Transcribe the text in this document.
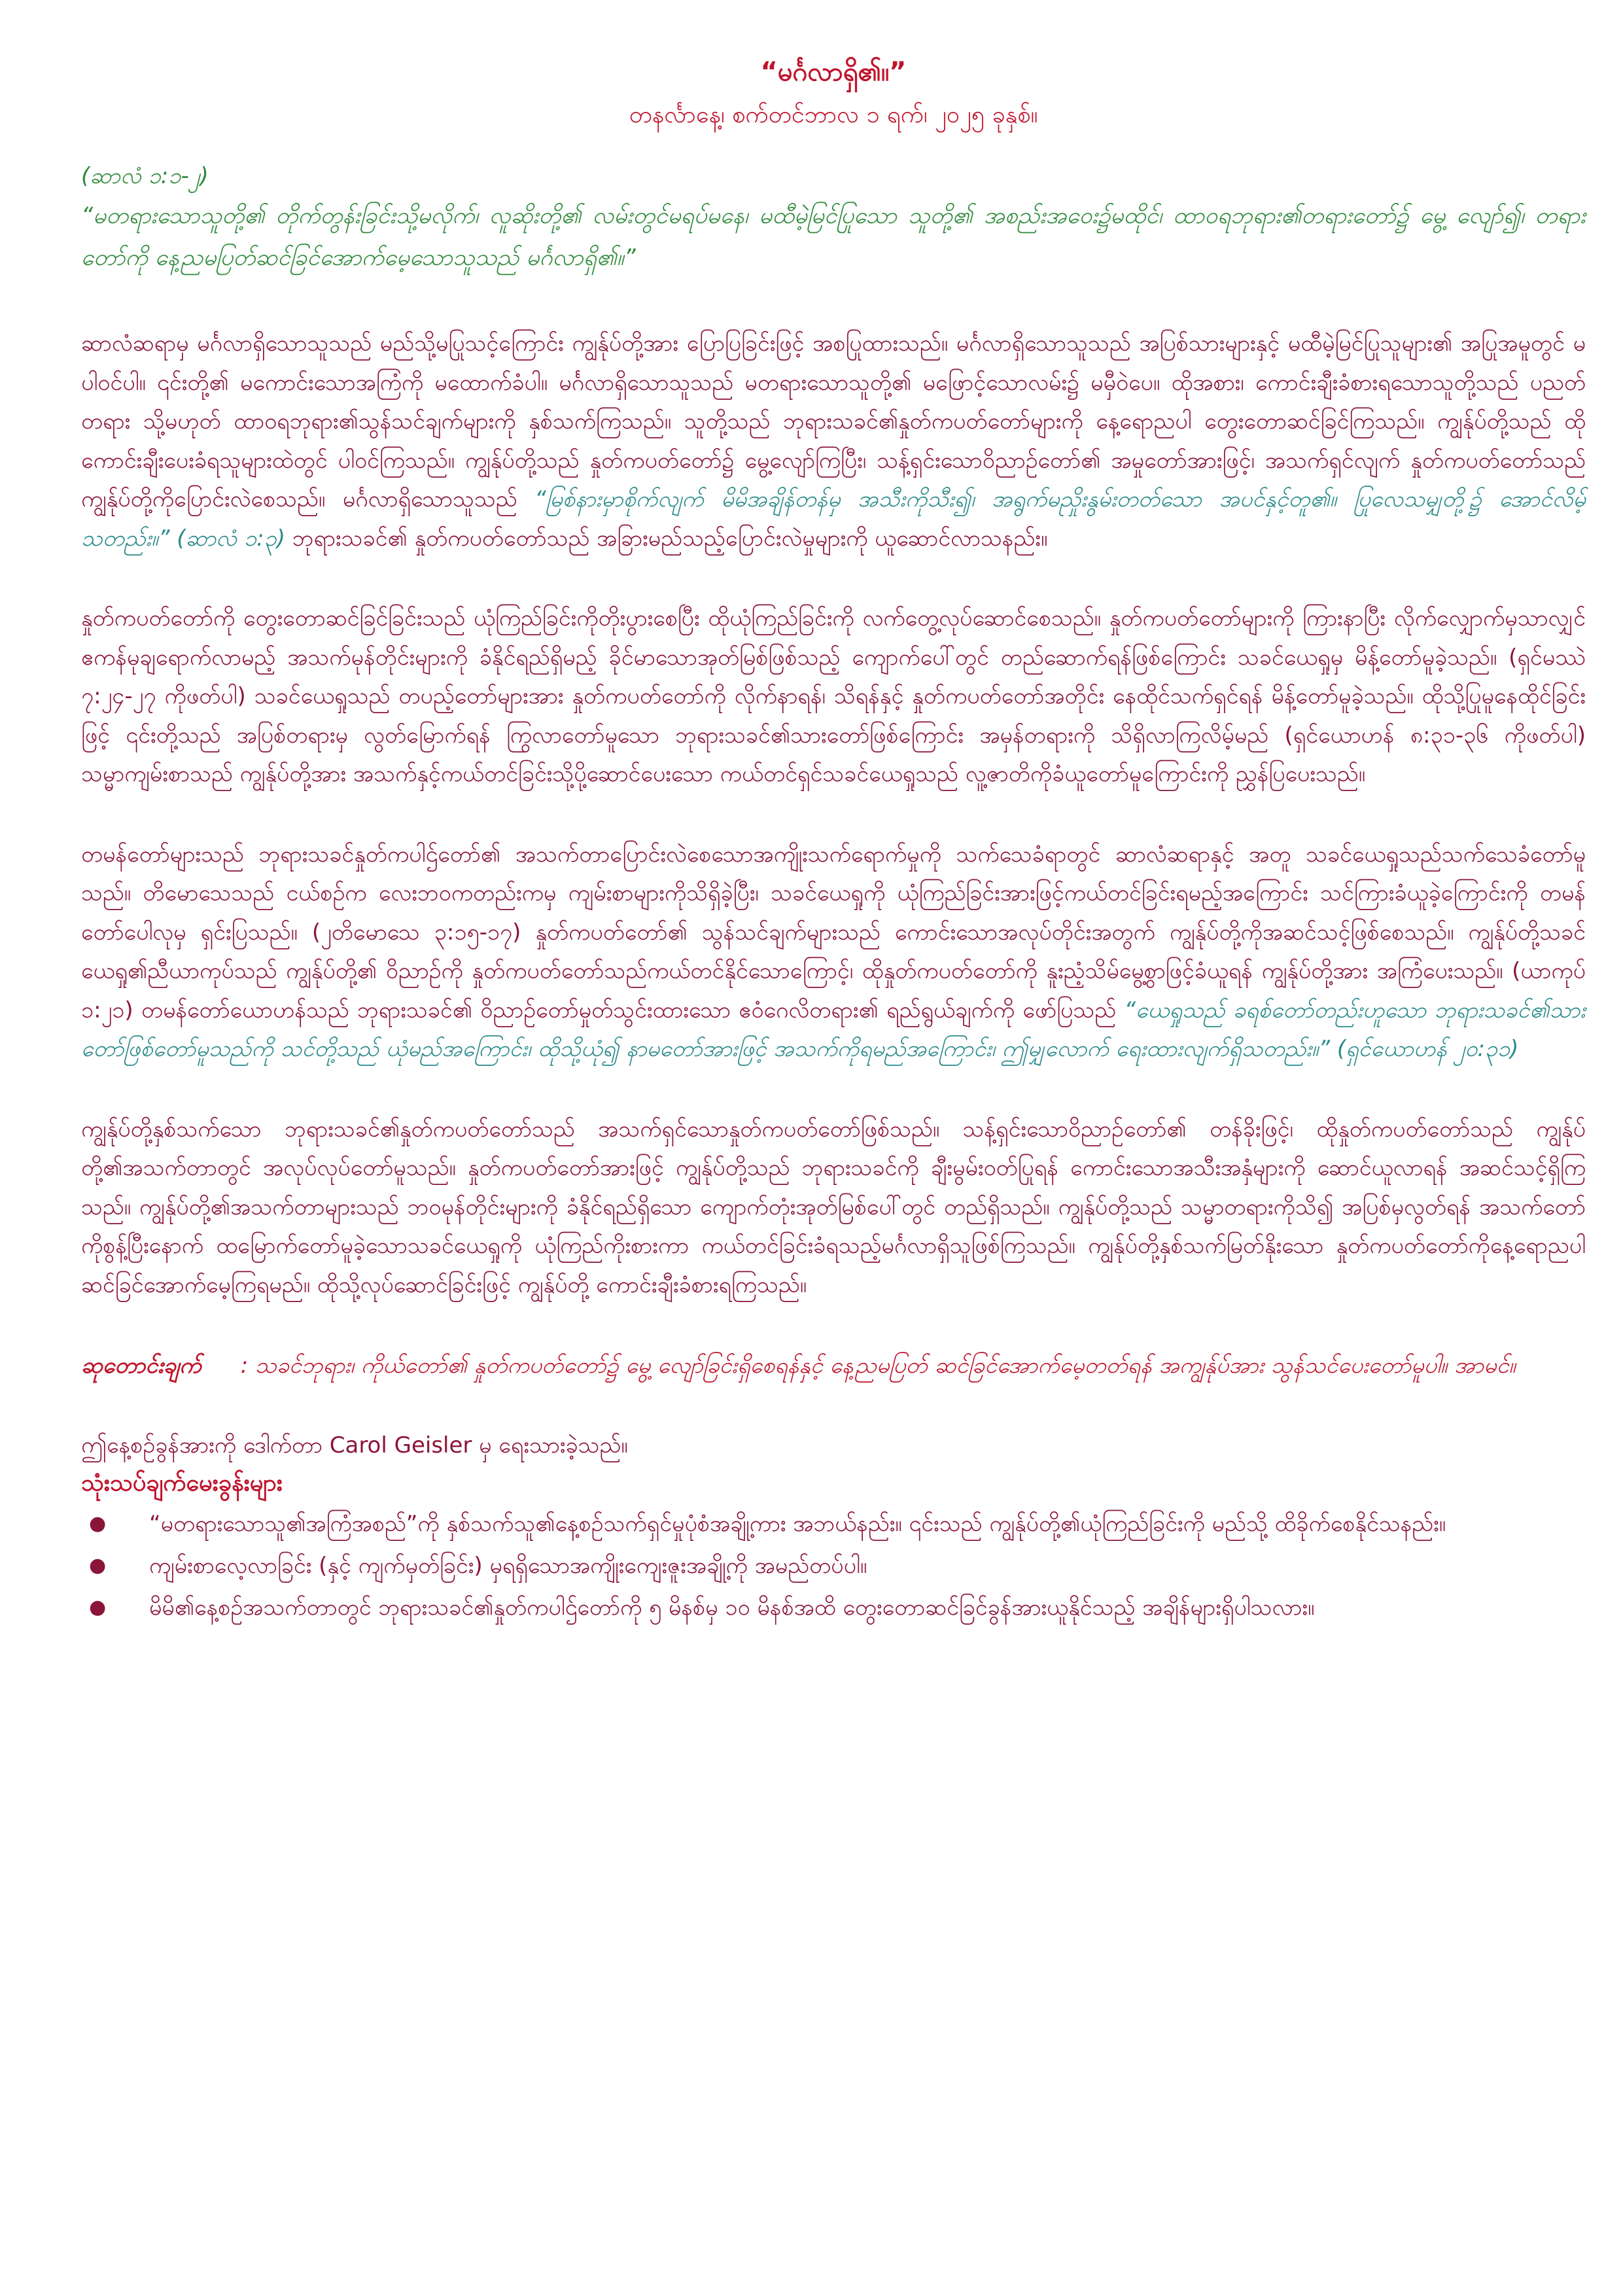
“မင်္ဂလာရှိ၏။”

တနင်္လာနေ့၊ စက်တင်ဘာလ ၁ ရက်၊ ၂၀၂၅ ခုနှစ်။

(ဆာလံ ၁:၁-၂)

“မတရားသောသူတို့၏ တိုက်တွန်းခြင်းသို့မလိုက်၊ လူဆိုးတို့၏ လမ်းတွင်မရပ်မနေ၊ မထီမဲ့မြင်ပြုသော သူတို့၏ အစည်းအဝေး၌မထိုင်၊ ထာဝရဘုရား၏တရားတော်၌ မွေ့ လျော်၍၊ တရားတော်ကို နေ့ညမပြတ်ဆင်ခြင်အောက်မေ့သောသူသည် မင်္ဂလာရှိ၏။”

ဆာလံဆရာမှ မင်္ဂလာရှိသောသူသည် မည်သို့မပြုသင့်ကြောင်း ကျွန်ုပ်တို့အား ပြောပြခြင်းဖြင့် အစပြုထားသည်။ မင်္ဂလာရှိသောသူသည် အပြစ်သားများနှင့် မထီမဲ့မြင်ပြုသူများ၏ အပြုအမူတွင် မပါဝင်ပါ။ ၎င်းတို့၏ မကောင်းသောအကြံကို မထောက်ခံပါ။ မင်္ဂလာရှိသောသူသည် မတရားသောသူတို့၏ မဖြောင့်သောလမ်း၌ မမှီဝဲပေ။ ထိုအစား၊ ကောင်းချီးခံစားရသောသူတို့သည် ပညတ်တရား သို့မဟုတ် ထာဝရဘုရား၏သွန်သင်ချက်များကို နှစ်သက်ကြသည်။ သူတို့သည် ဘုရားသခင်၏နှုတ်ကပတ်တော်များကို နေ့ရောညပါ တွေးတောဆင်ခြင်ကြသည်။ ကျွန်ုပ်တို့သည် ထိုကောင်းချီးပေးခံရသူများထဲတွင် ပါဝင်ကြသည်။ ကျွန်ုပ်တို့သည် နှုတ်ကပတ်တော်၌ မွေ့လျော်ကြပြီး၊ သန့်ရှင်းသောဝိညာဉ်တော်၏ အမှုတော်အားဖြင့်၊ အသက်ရှင်လျက် နှုတ်ကပတ်တော်သည် ကျွန်ုပ်တို့ကိုပြောင်းလဲစေသည်။ မင်္ဂလာရှိသောသူသည် “မြစ်နားမှာစိုက်လျက် မိမိအချိန်တန်မှ အသီးကိုသီး၍၊ အရွက်မညှိုးနွမ်းတတ်သော အပင်နှင့်တူ၏။ ပြုလေသမျှတို့၌ အောင်လိမ့်သတည်း။” (ဆာလံ ၁:၃) ဘုရားသခင်၏ နှုတ်ကပတ်တော်သည် အခြားမည်သည့်ပြောင်းလဲမှုများကို ယူဆောင်လာသနည်း။

နှုတ်ကပတ်တော်ကို တွေးတောဆင်ခြင်ခြင်းသည် ယုံကြည်ခြင်းကိုတိုးပွားစေပြီး ထိုယုံကြည်ခြင်းကို လက်တွေ့လုပ်ဆောင်စေသည်။ နှုတ်ကပတ်တော်များကို ကြားနာပြီး လိုက်လျှောက်မှသာလျှင် ဧကန်မုချရောက်လာမည့် အသက်မုန်တိုင်းများကို ခံနိုင်ရည်ရှိမည့် ခိုင်မာသောအုတ်မြစ်ဖြစ်သည့် ကျောက်ပေါ်တွင် တည်ဆောက်ရန်ဖြစ်ကြောင်း သခင်ယေရှုမှ မိန့်တော်မူခဲ့သည်။ (ရှင်မဿဲ ၇:၂၄-၂၇ ကိုဖတ်ပါ) သခင်ယေရှုသည် တပည့်တော်များအား နှုတ်ကပတ်တော်ကို လိုက်နာရန်၊ သိရန်နှင့် နှုတ်ကပတ်တော်အတိုင်း နေထိုင်သက်ရှင်ရန် မိန့်တော်မူခဲ့သည်။ ထိုသို့ပြုမူနေထိုင်ခြင်းဖြင့် ၎င်းတို့သည် အပြစ်တရားမှ လွတ်မြောက်ရန် ကြွလာတော်မူသော ဘုရားသခင်၏သားတော်ဖြစ်ကြောင်း အမှန်တရားကို သိရှိလာကြလိမ့်မည် (ရှင်ယောဟန် ၈:၃၁-၃၆ ကိုဖတ်ပါ) သမ္မာကျမ်းစာသည် ကျွန်ုပ်တို့အား အသက်နှင့်ကယ်တင်ခြင်းသို့ပို့ဆောင်ပေးသော ကယ်တင်ရှင်သခင်ယေရှုသည် လူ့ဇာတိကိုခံယူတော်မူကြောင်းကို ညွှန်ပြပေးသည်။

တမန်တော်များသည် ဘုရားသခင်နှုတ်ကပါဌ်တော်၏ အသက်တာပြောင်းလဲစေသောအကျိုးသက်ရောက်မှုကို သက်သေခံရာတွင် ဆာလံဆရာနှင့် အတူ သခင်ယေရှုသည်သက်သေခံတော်မူသည်။ တိမောသေသည် ငယ်စဉ်က လေးဘဝကတည်းကမှ ကျမ်းစာများကိုသိရှိခဲ့ပြီး၊ သခင်ယေရှုကို ယုံကြည်ခြင်းအားဖြင့်ကယ်တင်ခြင်းရမည့်အကြောင်း သင်ကြားခံယူခဲ့ကြောင်းကို တမန်တော်ပေါလုမှ ရှင်းပြသည်။ (၂တိမောသေ ၃:၁၅-၁၇) နှုတ်ကပတ်တော်၏ သွန်သင်ချက်များသည် ကောင်းသောအလုပ်တိုင်းအတွက် ကျွန်ုပ်တို့ကိုအဆင်သင့်ဖြစ်စေသည်။ ကျွန်ုပ်တို့သခင်ယေရှု၏ညီယာကုပ်သည် ကျွန်ုပ်တို့၏ ဝိညာဉ်ကို နှုတ်ကပတ်တော်သည်ကယ်တင်နိုင်သောကြောင့်၊ ထိုနှုတ်ကပတ်တော်ကို နူးညံ့သိမ်မွေ့စွာဖြင့်ခံယူရန် ကျွန်ုပ်တို့အား အကြံပေးသည်။ (ယာကုပ် ၁:၂၁) တမန်တော်ယောဟန်သည် ဘုရားသခင်၏ ဝိညာဉ်တော်မှုတ်သွင်းထားသော ဧဝံဂေလိတရား၏ ရည်ရွယ်ချက်ကို ဖော်ပြသည် “ယေရှုသည် ခရစ်တော်တည်းဟူသော ဘုရားသခင်၏သားတော်ဖြစ်တော်မူသည်ကို သင်တို့သည် ယုံမည်အကြောင်း၊ ထိုသို့ယုံ၍ နာမတော်အားဖြင့် အသက်ကိုရမည်အကြောင်း၊ ဤမျှလောက် ရေးထားလျက်ရှိသတည်း။” (ရှင်ယောဟန် ၂၀:၃၁)

ကျွန်ုပ်တို့နှစ်သက်သော ဘုရားသခင်၏နှုတ်ကပတ်တော်သည် အသက်ရှင်သောနှုတ်ကပတ်တော်ဖြစ်သည်။ သန့်ရှင်းသောဝိညာဉ်တော်၏ တန်ခိုးဖြင့်၊ ထိုနှုတ်ကပတ်တော်သည် ကျွန်ုပ်တို့၏အသက်တာတွင် အလုပ်လုပ်တော်မူသည်။ နှုတ်ကပတ်တော်အားဖြင့် ကျွန်ုပ်တို့သည် ဘုရားသခင်ကို ချီးမွမ်းဝတ်ပြုရန် ကောင်းသောအသီးအနှံများကို ဆောင်ယူလာရန် အဆင်သင့်ရှိကြသည်။ ကျွန်ုပ်တို့၏အသက်တာများသည် ဘဝမုန်တိုင်းများကို ခံနိုင်ရည်ရှိသော ကျောက်တုံးအုတ်မြစ်ပေါ်တွင် တည်ရှိသည်။ ကျွန်ုပ်တို့သည် သမ္မာတရားကိုသိ၍ အပြစ်မှလွတ်ရန် အသက်တော်ကိုစွန့်ပြီးနောက် ထမြောက်တော်မူခဲ့သောသခင်ယေရှုကို ယုံကြည်ကိုးစားကာ ကယ်တင်ခြင်းခံရသည့်မင်္ဂလာရှိသူဖြစ်ကြသည်။ ကျွန်ုပ်တို့နှစ်သက်မြတ်နိုးသော နှုတ်ကပတ်တော်ကိုနေ့ရောညပါ ဆင်ခြင်အောက်မေ့ကြရမည်။ ထိုသို့လုပ်ဆောင်ခြင်းဖြင့် ကျွန်ုပ်တို့ ကောင်းချီးခံစားရကြသည်။

ဆုတောင်းချက် : သခင်ဘုရား၊ ကိုယ်တော်၏ နှုတ်ကပတ်တော်၌ မွေ့ လျော်ခြင်းရှိစေရန်နှင့် နေ့ညမပြတ် ဆင်ခြင်အောက်မေ့တတ်ရန် အကျွန်ုပ်အား သွန်သင်ပေးတော်မူပါ။ အာမင်။

ဤနေ့စဉ်ခွန်အားကို ဒေါက်တာ Carol Geisler မှ ရေးသားခဲ့သည်။

သုံးသပ်ချက်မေးခွန်းများ

● “မတရားသောသူ၏အကြံအစည်”ကို နှစ်သက်သူ၏နေ့စဉ်သက်ရှင်မှုပုံစံအချို့ကား အဘယ်နည်း။ ၎င်းသည် ကျွန်ုပ်တို့၏ယုံကြည်ခြင်းကို မည်သို့ ထိခိုက်စေနိုင်သနည်း။
● ကျမ်းစာလေ့လာခြင်း (နှင့် ကျက်မှတ်ခြင်း) မှရရှိသောအကျိုးကျေးဇူးအချို့ကို အမည်တပ်ပါ။
● မိမိ၏နေ့စဉ်အသက်တာတွင် ဘုရားသခင်၏နှုတ်ကပါဌ်တော်ကို ၅ မိနစ်မှ ၁၀ မိနစ်အထိ တွေးတောဆင်ခြင်ခွန်အားယူနိုင်သည့် အချိန်များရှိပါသလား။
